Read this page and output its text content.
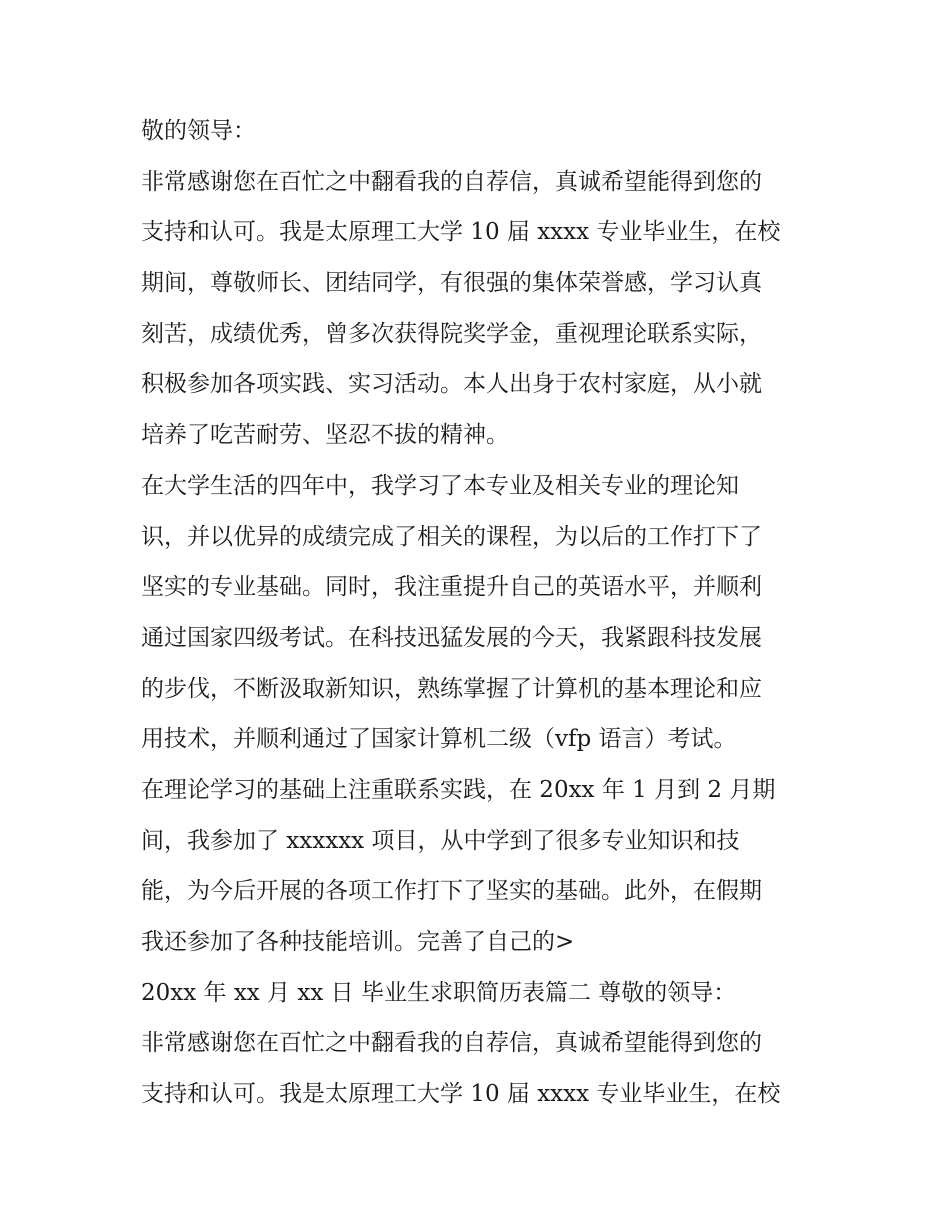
敬的领导：
非常感谢您在百忙之中翻看我的自荐信，真诚希望能得到您的
支持和认可。我是太原理工大学 10 届 xxxx 专业毕业生，在校
期间，尊敬师长、团结同学，有很强的集体荣誉感，学习认真
刻苦，成绩优秀，曾多次获得院奖学金，重视理论联系实际，
积极参加各项实践、实习活动。本人出身于农村家庭，从小就
培养了吃苦耐劳、坚忍不拔的精神。
在大学生活的四年中，我学习了本专业及相关专业的理论知
识，并以优异的成绩完成了相关的课程，为以后的工作打下了
坚实的专业基础。同时，我注重提升自己的英语水平，并顺利
通过国家四级考试。在科技迅猛发展的今天，我紧跟科技发展
的步伐，不断汲取新知识，熟练掌握了计算机的基本理论和应
用技术，并顺利通过了国家计算机二级（vfp 语言）考试。
在理论学习的基础上注重联系实践，在 20xx 年 1 月到 2 月期
间，我参加了 xxxxxx 项目，从中学到了很多专业知识和技
能，为今后开展的各项工作打下了坚实的基础。此外，在假期
我还参加了各种技能培训。完善了自己的>
20xx 年 xx 月 xx 日 毕业生求职简历表篇二 尊敬的领导：
非常感谢您在百忙之中翻看我的自荐信，真诚希望能得到您的
支持和认可。我是太原理工大学 10 届 xxxx 专业毕业生，在校
